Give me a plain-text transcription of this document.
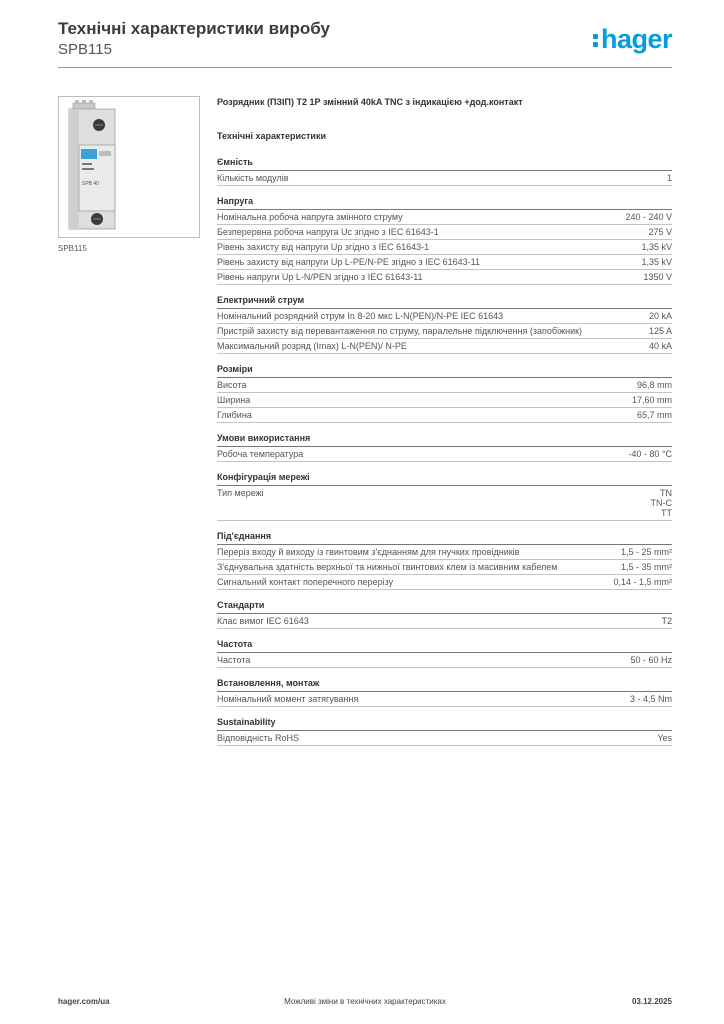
Технічні характеристики виробу
SPB115	hager
SPB 40
SPB115

Розрядник (ПЗІП) Т2 1Р змінний 40kA TNC з індикацією +дод.контакт

Технічні характеристики

Ємність
Кількість модулів	1
Напруга
Номінальна робоча напруга змінного струму	240 - 240 V
Безперервна робоча напруга Uc згідно з IEC 61643-1	275 V
Рівень захисту від напруги Up згідно з IEC 61643-1	1,35 kV
Рівень захисту від напруги Up L-PE/N-PE згідно з IEC 61643-11	1,35 kV
Рівень напруги Up L-N/PEN згідно з IEC 61643-11	1350 V
Електричний струм
Номінальний розрядний струм In 8-20 мкс L-N(PEN)/N-PE IEC 61643	20 kA
Пристрій захисту від перевантаження по струму, паралельне підключення (запобіжник)	125 A
Максимальний розряд (Imax) L-N(PEN)/ N-PE	40 kA
Розміри
Висота	96,8 mm
Ширина	17,60 mm
Глибина	65,7 mm
Умови використання
Робоча температура	-40 - 80 °C
Конфігурація мережі
Тип мережі	TN
TN-C
TT
Під'єднання
Переріз входу й виходу із гвинтовим з'єднанням для гнучких провідників	1,5 - 25 mm²
З'єднувальна здатність верхньої та нижньої гвинтових клем із масивним кабелем	1,5 - 35 mm²
Сигнальний контакт поперечного перерізу	0,14 - 1,5 mm²
Стандарти
Клас вимог IEC 61643	T2
Частота
Частота	50 - 60 Hz
Встановлення, монтаж
Номінальний момент затягування	3 - 4,5 Nm
Sustainability
Відповідність RoHS	Yes
hager.com/ua	Можливі зміни в технічних характеристиках	03.12.2025
